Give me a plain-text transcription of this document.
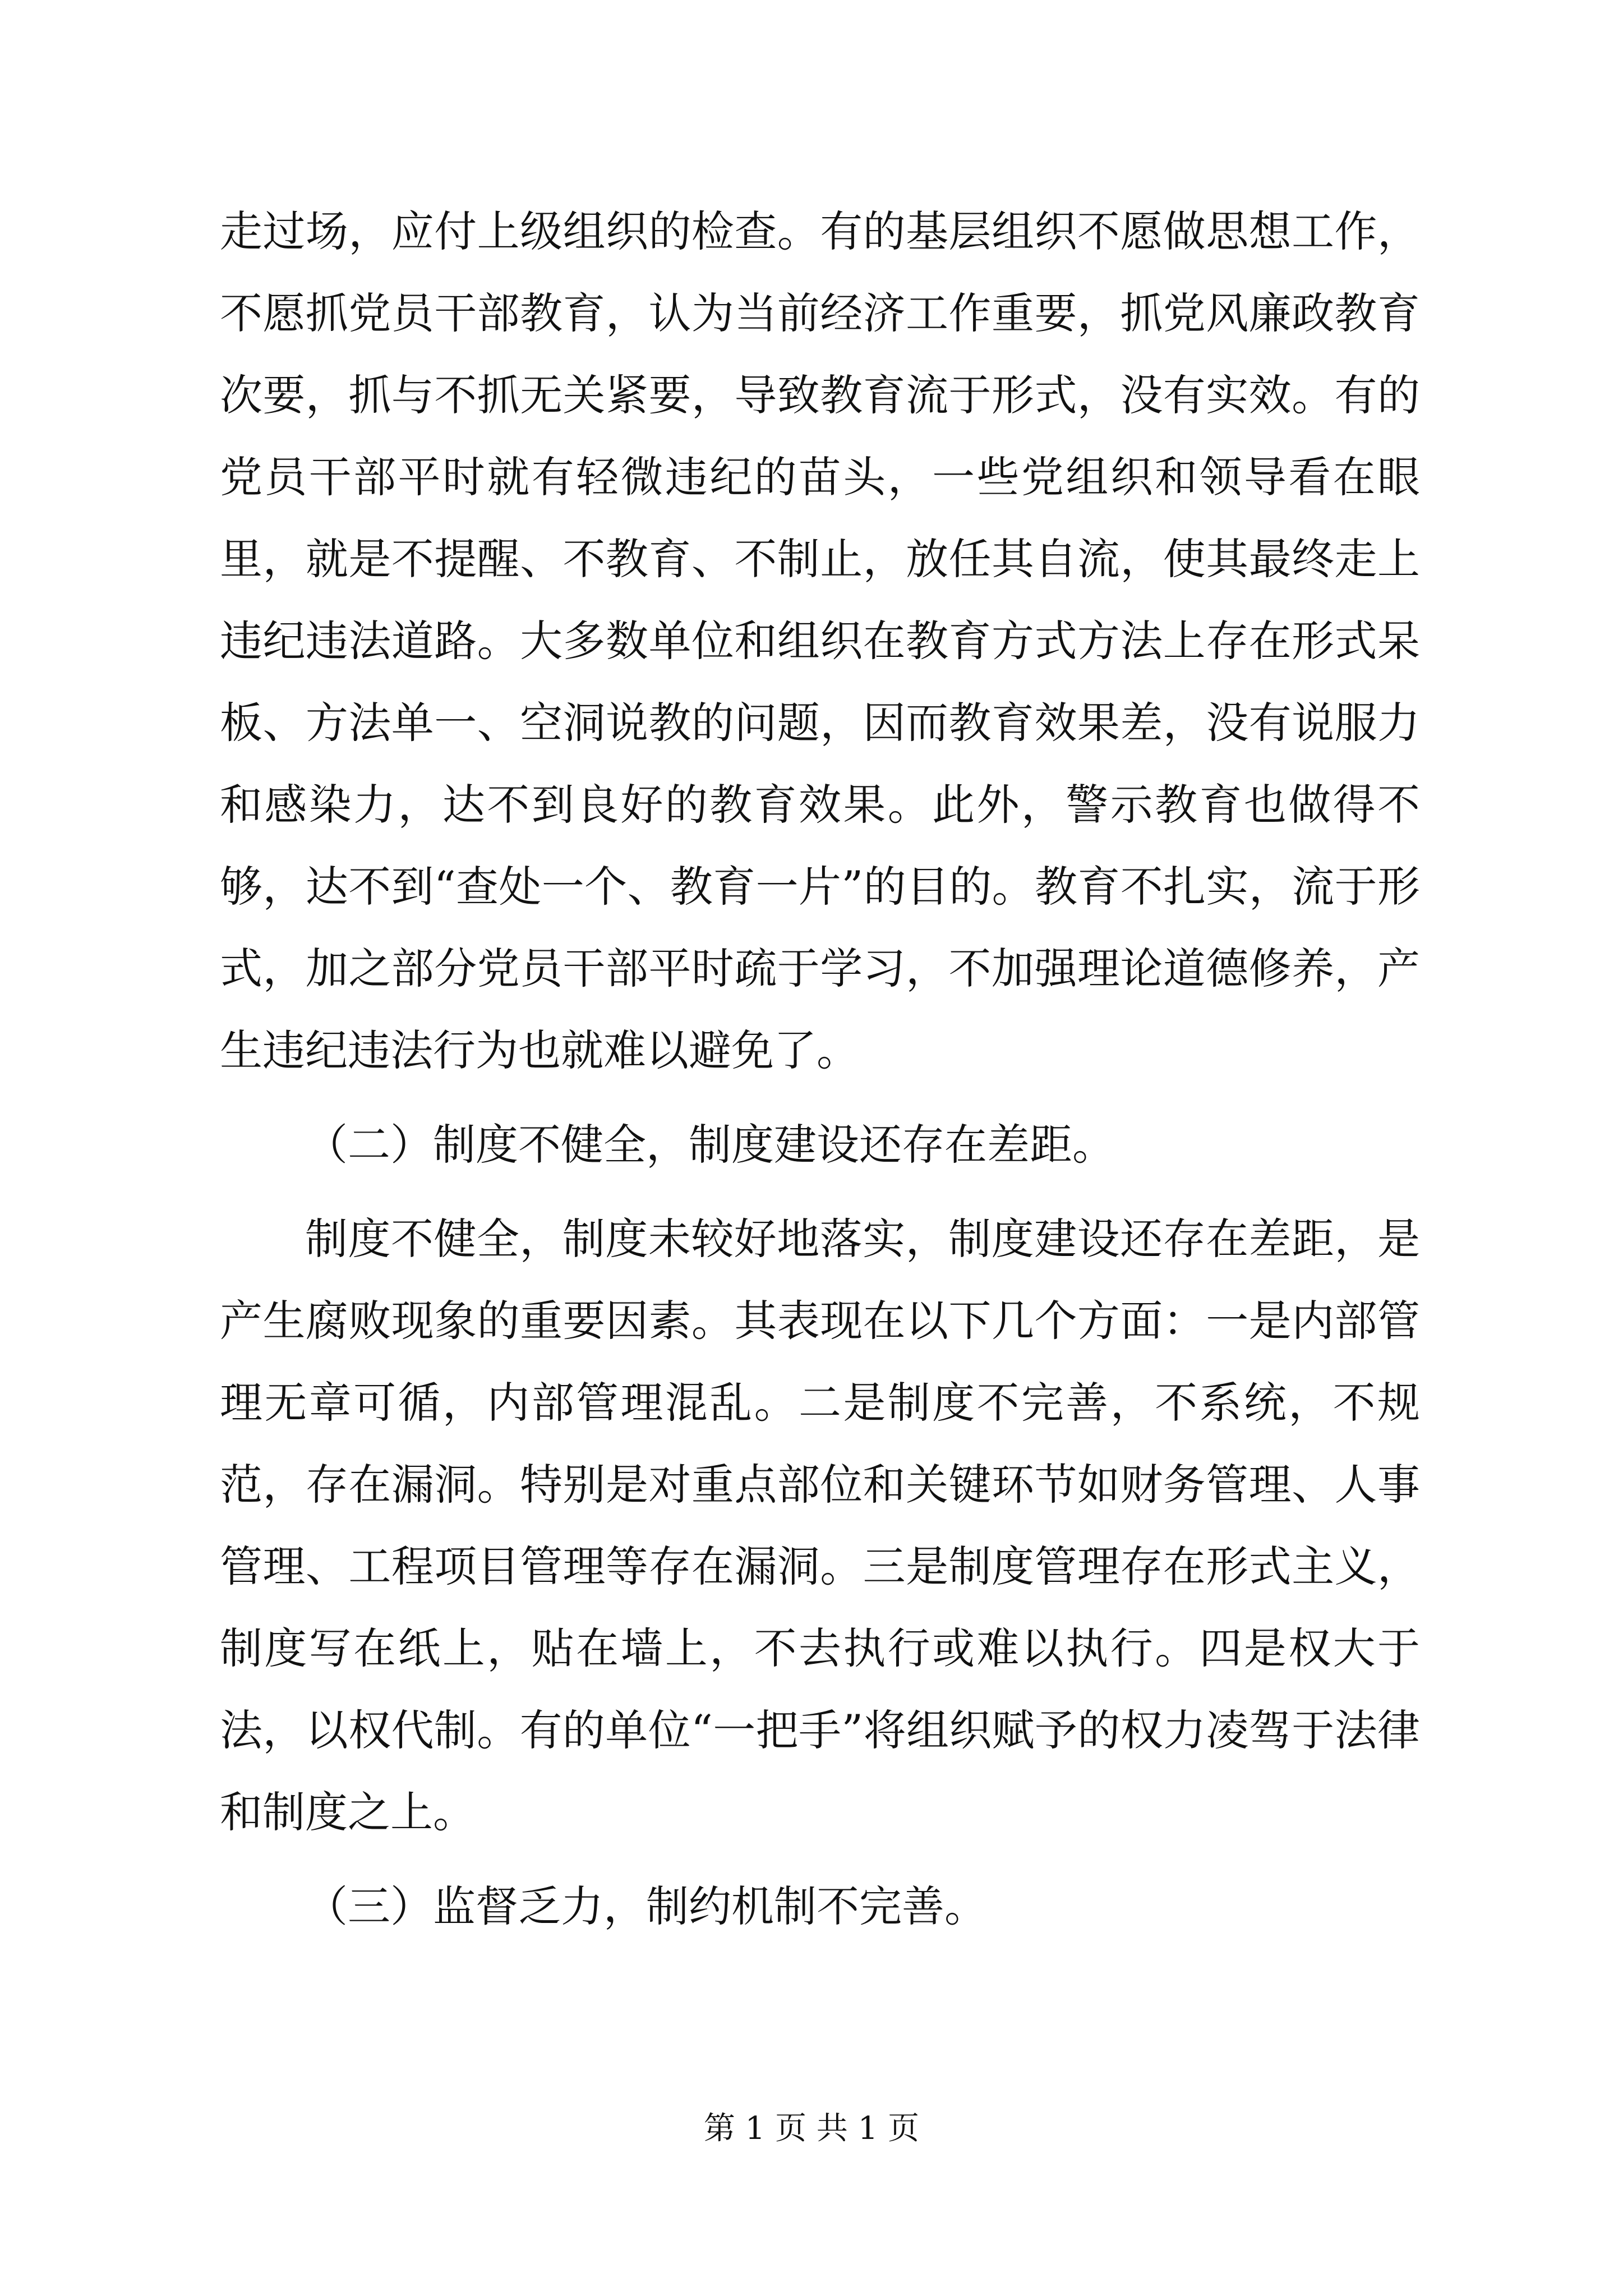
走过场，应付上级组织的检查。有的基层组织不愿做思想工作，不愿抓党员干部教育，认为当前经济工作重要，抓党风廉政教育次要，抓与不抓无关紧要，导致教育流于形式，没有实效。有的党员干部平时就有轻微违纪的苗头，一些党组织和领导看在眼里，就是不提醒、不教育、不制止，放任其自流，使其最终走上违纪违法道路。大多数单位和组织在教育方式方法上存在形式呆板、方法单一、空洞说教的问题，因而教育效果差，没有说服力和感染力，达不到良好的教育效果。此外，警示教育也做得不够，达不到“查处一个、教育一片”的目的。教育不扎实，流于形式，加之部分党员干部平时疏于学习，不加强理论道德修养，产生违纪违法行为也就难以避免了。

（二）制度不健全，制度建设还存在差距。

制度不健全，制度未较好地落实，制度建设还存在差距，是产生腐败现象的重要因素。其表现在以下几个方面：一是内部管理无章可循，内部管理混乱。二是制度不完善，不系统，不规范，存在漏洞。特别是对重点部位和关键环节如财务管理、人事管理、工程项目管理等存在漏洞。三是制度管理存在形式主义，制度写在纸上，贴在墙上，不去执行或难以执行。四是权大于法，以权代制。有的单位“一把手”将组织赋予的权力凌驾于法律和制度之上。

（三）监督乏力，制约机制不完善。

第 1 页 共 1 页
